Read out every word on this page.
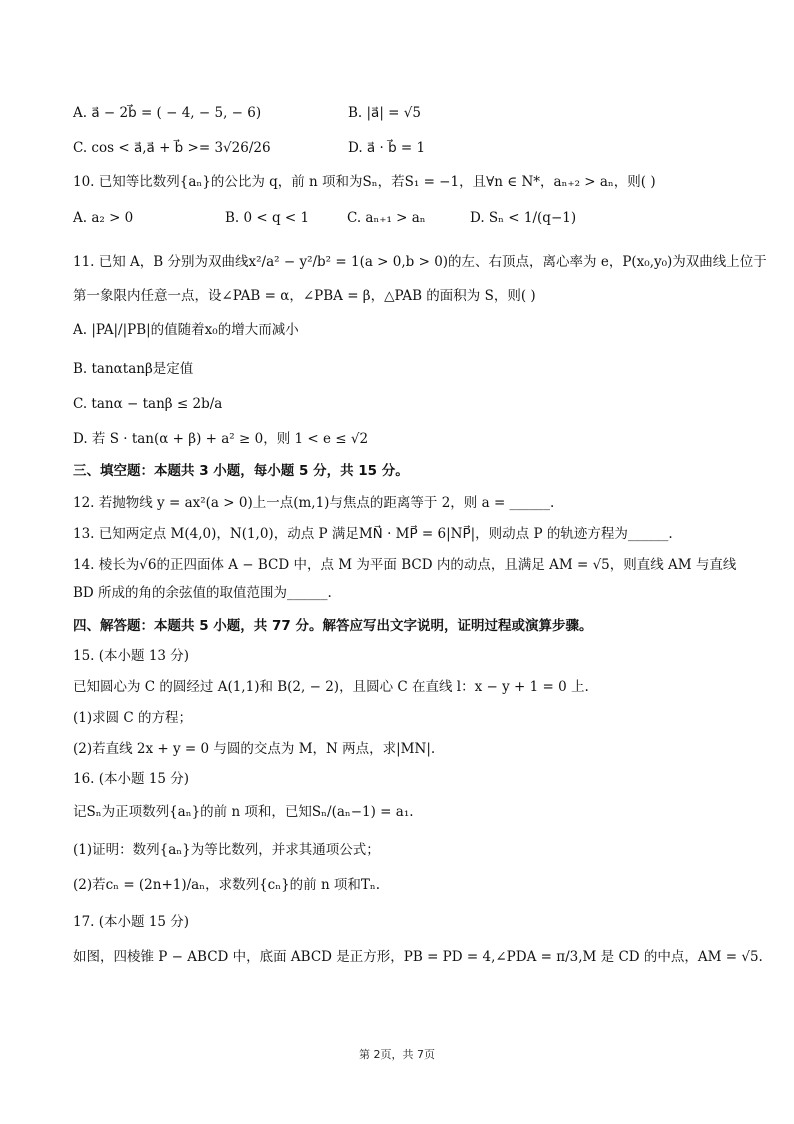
A. a⃗ − 2b⃗ = ( − 4, − 5, − 6)	B. |a⃗| = √5
C. cos < a⃗,a⃗ + b⃗ >= 3√26/26	D. a⃗ · b⃗ = 1
10. 已知等比数列{aₙ}的公比为 q，前 n 项和为Sₙ，若S₁ = −1，且∀n ∈ N*，aₙ₊₂ > aₙ，则( )
A. a₂ > 0	B. 0 < q < 1	C. aₙ₊₁ > aₙ	D. Sₙ < 1/(q−1)
11. 已知 A，B 分别为双曲线x²/a² − y²/b² = 1(a > 0,b > 0)的左、右顶点，离心率为 e，P(x₀,y₀)为双曲线上位于
第一象限内任意一点，设∠PAB = α，∠PBA = β，△PAB 的面积为 S，则( )
A. |PA|/|PB|的值随着x₀的增大而减小
B. tanαtanβ是定值
C. tanα − tanβ ≤ 2b/a
D. 若 S · tan(α + β) + a² ≥ 0，则 1 < e ≤ √2
三、填空题：本题共 3 小题，每小题 5 分，共 15 分。
12. 若抛物线 y = ax²(a > 0)上一点(m,1)与焦点的距离等于 2，则 a = ______.
13. 已知两定点 M(4,0)，N(1,0)，动点 P 满足MN⃗ · MP⃗ = 6|NP⃗|，则动点 P 的轨迹方程为______.
14. 棱长为√6的正四面体 A − BCD 中，点 M 为平面 BCD 内的动点，且满足 AM = √5，则直线 AM 与直线
BD 所成的角的余弦值的取值范围为______.
四、解答题：本题共 5 小题，共 77 分。解答应写出文字说明，证明过程或演算步骤。
15. (本小题 13 分)
已知圆心为 C 的圆经过 A(1,1)和 B(2, − 2)，且圆心 C 在直线 l：x − y + 1 = 0 上.
(1)求圆 C 的方程；
(2)若直线 2x + y = 0 与圆的交点为 M，N 两点，求|MN|.
16. (本小题 15 分)
记Sₙ为正项数列{aₙ}的前 n 项和，已知Sₙ/(aₙ−1) = a₁.
(1)证明：数列{aₙ}为等比数列，并求其通项公式；
(2)若cₙ = (2n+1)/aₙ，求数列{cₙ}的前 n 项和Tₙ.
17. (本小题 15 分)
如图，四棱锥 P − ABCD 中，底面 ABCD 是正方形，PB = PD = 4,∠PDA = π/3,M 是 CD 的中点，AM = √5.
第 2页，共 7页
